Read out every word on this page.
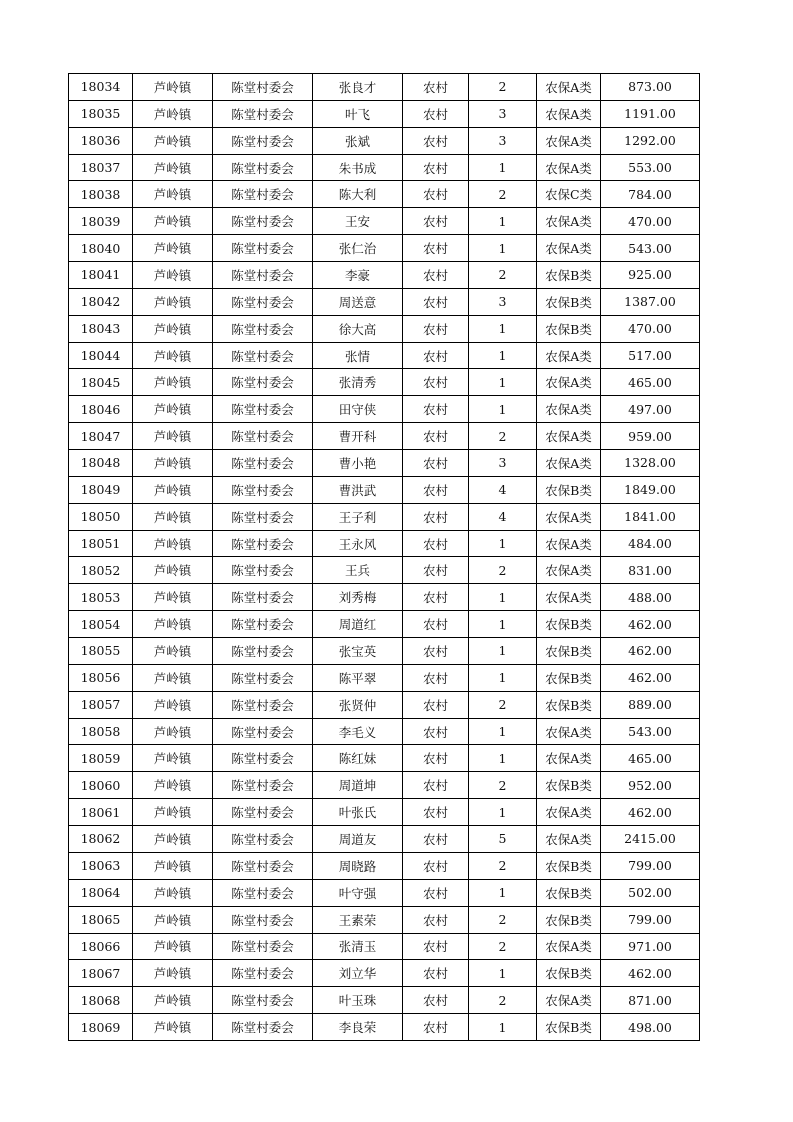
18034	芦岭镇	陈堂村委会	张良才	农村	2	农保A类	873.00
18035	芦岭镇	陈堂村委会	叶飞	农村	3	农保A类	1191.00
18036	芦岭镇	陈堂村委会	张斌	农村	3	农保A类	1292.00
18037	芦岭镇	陈堂村委会	朱书成	农村	1	农保A类	553.00
18038	芦岭镇	陈堂村委会	陈大利	农村	2	农保C类	784.00
18039	芦岭镇	陈堂村委会	王安	农村	1	农保A类	470.00
18040	芦岭镇	陈堂村委会	张仁治	农村	1	农保A类	543.00
18041	芦岭镇	陈堂村委会	李豪	农村	2	农保B类	925.00
18042	芦岭镇	陈堂村委会	周送意	农村	3	农保B类	1387.00
18043	芦岭镇	陈堂村委会	徐大高	农村	1	农保B类	470.00
18044	芦岭镇	陈堂村委会	张情	农村	1	农保A类	517.00
18045	芦岭镇	陈堂村委会	张清秀	农村	1	农保A类	465.00
18046	芦岭镇	陈堂村委会	田守侠	农村	1	农保A类	497.00
18047	芦岭镇	陈堂村委会	曹开科	农村	2	农保A类	959.00
18048	芦岭镇	陈堂村委会	曹小艳	农村	3	农保A类	1328.00
18049	芦岭镇	陈堂村委会	曹洪武	农村	4	农保B类	1849.00
18050	芦岭镇	陈堂村委会	王子利	农村	4	农保A类	1841.00
18051	芦岭镇	陈堂村委会	王永风	农村	1	农保A类	484.00
18052	芦岭镇	陈堂村委会	王兵	农村	2	农保A类	831.00
18053	芦岭镇	陈堂村委会	刘秀梅	农村	1	农保A类	488.00
18054	芦岭镇	陈堂村委会	周道红	农村	1	农保B类	462.00
18055	芦岭镇	陈堂村委会	张宝英	农村	1	农保B类	462.00
18056	芦岭镇	陈堂村委会	陈平翠	农村	1	农保B类	462.00
18057	芦岭镇	陈堂村委会	张贤仲	农村	2	农保B类	889.00
18058	芦岭镇	陈堂村委会	李毛义	农村	1	农保A类	543.00
18059	芦岭镇	陈堂村委会	陈红妹	农村	1	农保A类	465.00
18060	芦岭镇	陈堂村委会	周道坤	农村	2	农保B类	952.00
18061	芦岭镇	陈堂村委会	叶张氏	农村	1	农保A类	462.00
18062	芦岭镇	陈堂村委会	周道友	农村	5	农保A类	2415.00
18063	芦岭镇	陈堂村委会	周晓路	农村	2	农保B类	799.00
18064	芦岭镇	陈堂村委会	叶守强	农村	1	农保B类	502.00
18065	芦岭镇	陈堂村委会	王素荣	农村	2	农保B类	799.00
18066	芦岭镇	陈堂村委会	张清玉	农村	2	农保A类	971.00
18067	芦岭镇	陈堂村委会	刘立华	农村	1	农保B类	462.00
18068	芦岭镇	陈堂村委会	叶玉珠	农村	2	农保A类	871.00
18069	芦岭镇	陈堂村委会	李良荣	农村	1	农保B类	498.00
